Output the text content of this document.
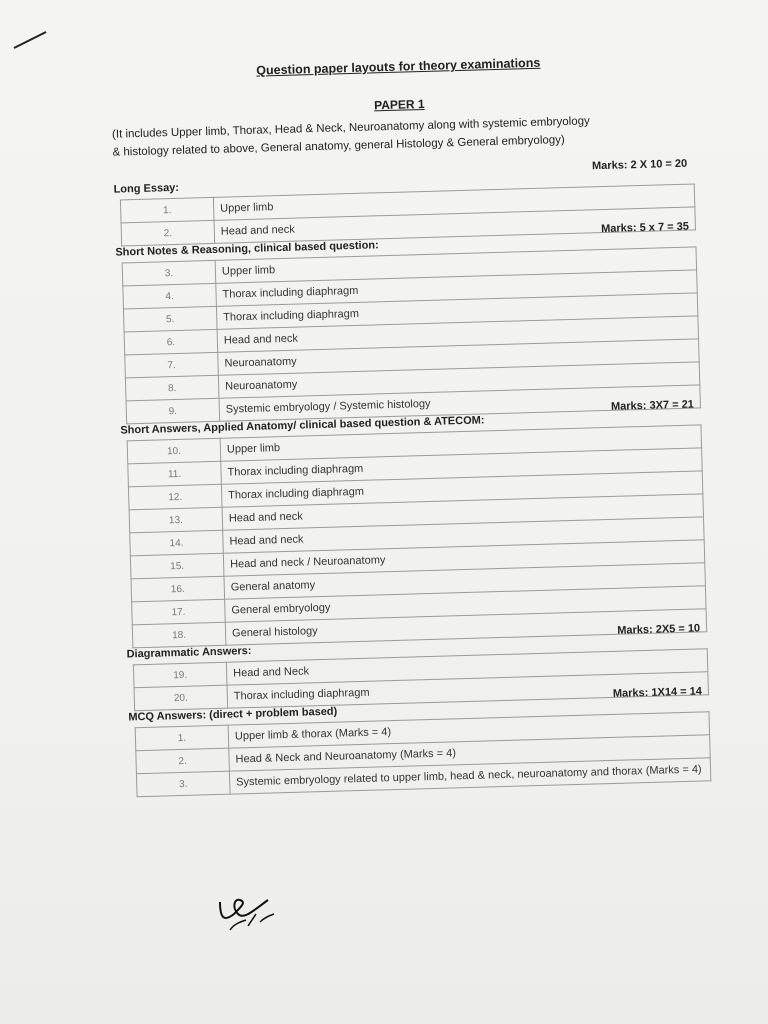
Question paper layouts for theory examinations
PAPER 1
(It includes Upper limb, Thorax, Head & Neck, Neuroanatomy along with systemic embryology
& histology related to above, General anatomy, general Histology & General embryology)
Long Essay:
Marks: 2 X 10 = 20
1.	Upper limb
2.	Head and neck
Short Notes & Reasoning, clinical based question:
Marks: 5 x 7 = 35
3.	Upper limb
4.	Thorax including diaphragm
5.	Thorax including diaphragm
6.	Head and neck
7.	Neuroanatomy
8.	Neuroanatomy
9.	Systemic embryology / Systemic histology
Short Answers, Applied Anatomy/ clinical based question & ATECOM:
Marks: 3X7 = 21
10.	Upper limb
11.	Thorax including diaphragm
12.	Thorax including diaphragm
13.	Head and neck
14.	Head and neck
15.	Head and neck / Neuroanatomy
16.	General anatomy
17.	General embryology
18.	General histology
Diagrammatic Answers:
Marks: 2X5 = 10
19.	Head and Neck
20.	Thorax including diaphragm
MCQ Answers: (direct + problem based)
Marks: 1X14 = 14
1.	Upper limb & thorax (Marks = 4)
2.	Head & Neck and Neuroanatomy (Marks = 4)
3.	Systemic embryology related to upper limb, head & neck, neuroanatomy and thorax (Marks = 4)
